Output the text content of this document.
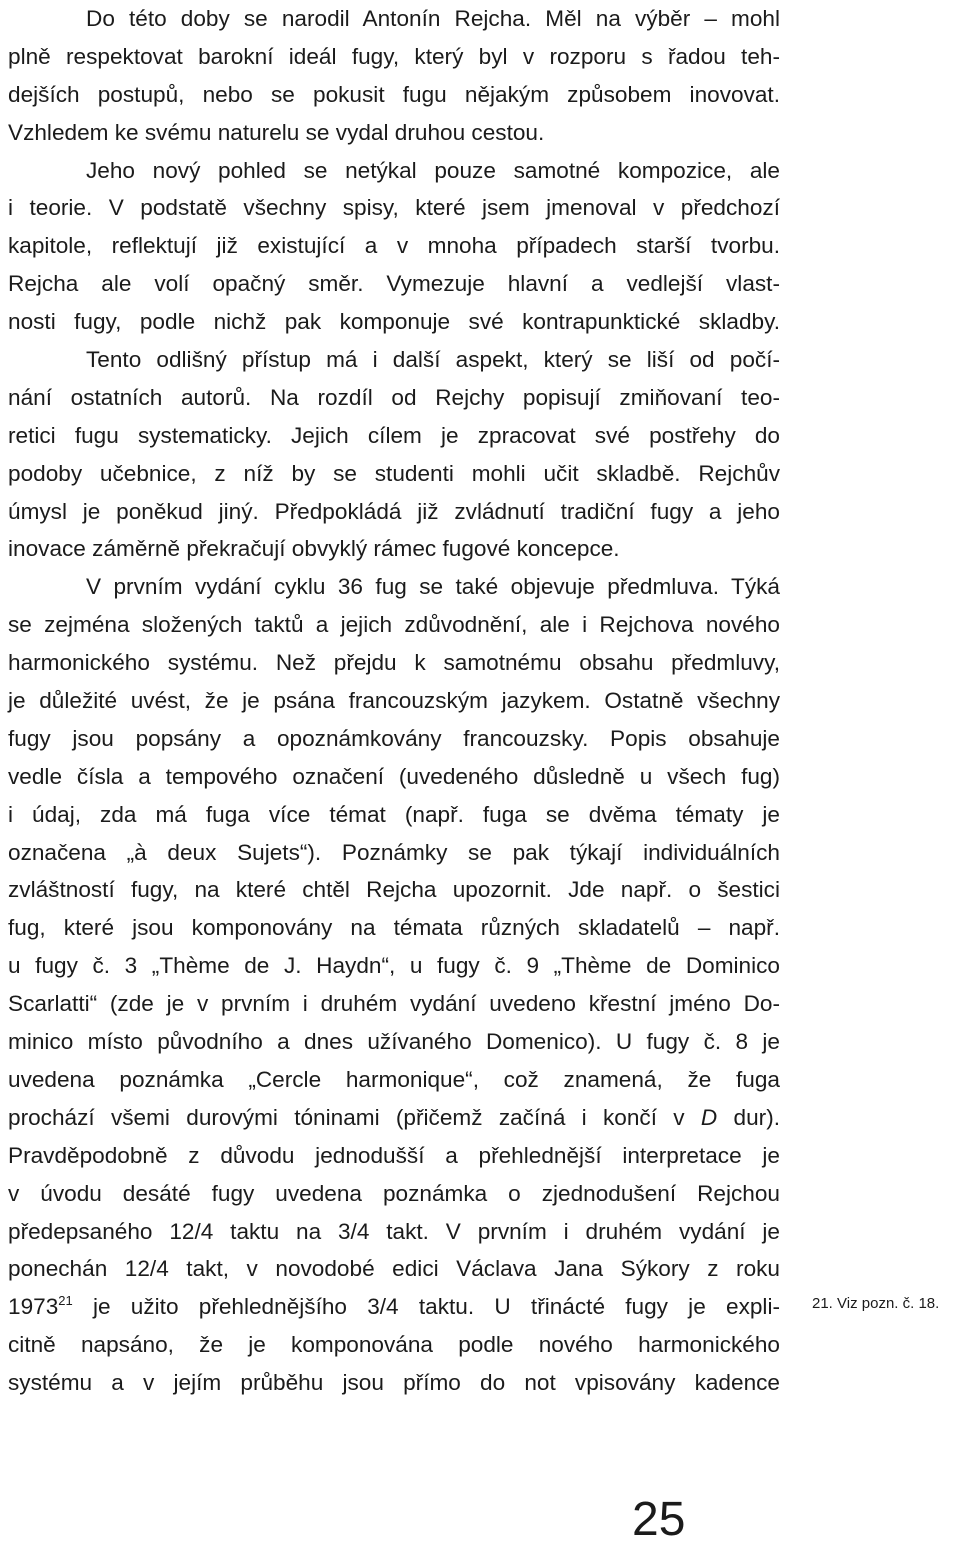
Do této doby se narodil Antonín Rejcha. Měl na výběr – mohl
plně respektovat barokní ideál fugy, který byl v rozporu s řadou teh-
dejších postupů, nebo se pokusit fugu nějakým způsobem inovovat.
Vzhledem ke svému naturelu se vydal druhou cestou.
Jeho nový pohled se netýkal pouze samotné kompozice, ale
i teorie. V podstatě všechny spisy, které jsem jmenoval v předchozí
kapitole, reflektují již existující a v mnoha případech starší tvorbu.
Rejcha ale volí opačný směr. Vymezuje hlavní a vedlejší vlast-
nosti fugy, podle nichž pak komponuje své kontrapunktické skladby.
Tento odlišný přístup má i další aspekt, který se liší od počí-
nání ostatních autorů. Na rozdíl od Rejchy popisují zmiňovaní teo-
retici fugu systematicky. Jejich cílem je zpracovat své postřehy do
podoby učebnice, z níž by se studenti mohli učit skladbě. Rejchův
úmysl je poněkud jiný. Předpokládá již zvládnutí tradiční fugy a jeho
inovace záměrně překračují obvyklý rámec fugové koncepce.
V prvním vydání cyklu 36 fug se také objevuje předmluva. Týká
se zejména složených taktů a jejich zdůvodnění, ale i Rejchova nového
harmonického systému. Než přejdu k samotnému obsahu předmluvy,
je důležité uvést, že je psána francouzským jazykem. Ostatně všechny
fugy jsou popsány a opoznámkovány francouzsky. Popis obsahuje
vedle čísla a tempového označení (uvedeného důsledně u všech fug)
i údaj, zda má fuga více témat (např. fuga se dvěma tématy je
označena „à deux Sujets“). Poznámky se pak týkají individuálních
zvláštností fugy, na které chtěl Rejcha upozornit. Jde např. o šestici
fug, které jsou komponovány na témata různých skladatelů – např.
u fugy č. 3 „Thème de J. Haydn“, u fugy č. 9 „Thème de Dominico
Scarlatti“ (zde je v prvním i druhém vydání uvedeno křestní jméno Do-
minico místo původního a dnes užívaného Domenico). U fugy č. 8 je
uvedena poznámka „Cercle harmonique“, což znamená, že fuga
prochází všemi durovými tóninami (přičemž začíná i končí v D dur).
Pravděpodobně z důvodu jednodušší a přehlednější interpretace je
v úvodu desáté fugy uvedena poznámka o zjednodušení Rejchou
předepsaného 12/4 taktu na 3/4 takt. V prvním i druhém vydání je
ponechán 12/4 takt, v novodobé edici Václava Jana Sýkory z roku
1973$^{21}$ je užito přehlednějšího 3/4 taktu. U třinácté fugy je expli-
citně napsáno, že je komponována podle nového harmonického
systému a v jejím průběhu jsou přímo do not vpisovány kadence
21. Viz pozn. č. 18.
25
